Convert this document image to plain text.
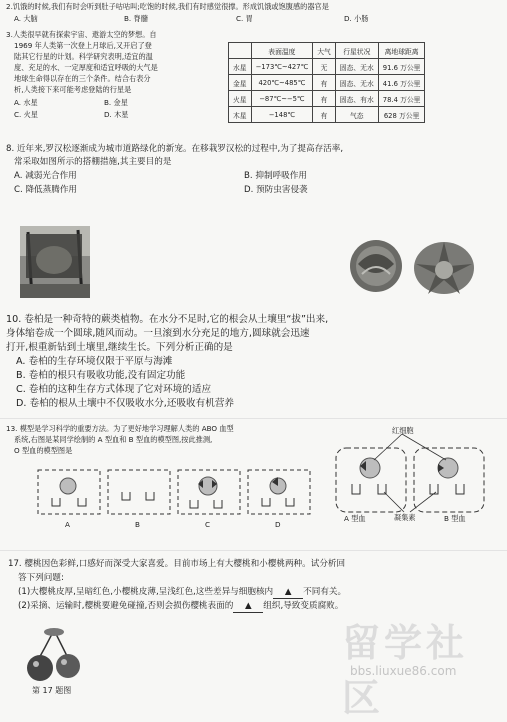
2.饥饿的时候,我们有时会听到肚子咕咕叫;吃饱的时候,我们有时感觉很撑。形成饥饿或饱腹感的器官是
A. 大脑	B. 脊髓	C. 胃	D. 小肠
3.人类很早就有探索宇宙、遨游太空的梦想。自
1969 年人类第一次登上月球后,又开启了登
陆其它行星的计划。科学研究表明,适宜的温
度、充足的水、一定厚度和适宜呼吸的大气是
地球生命得以存在的三个条件。结合右表分
析,人类接下来可能考虑登陆的行星是
A. 水星	B. 金星
C. 火星	D. 木星
	表面温度	大气	行星状况	离地球距离
水星	−173℃~427℃	无	固态、无水	91.6 万公里
金星	420℃~485℃	有	固态、无水	41.6 万公里
火星	−87℃~−5℃	有	固态、有水	78.4 万公里
木星	−148℃	有	气态	628 万公里
8. 近年来,罗汉松逐渐成为城市道路绿化的新宠。在移栽罗汉松的过程中,为了提高存活率,
常采取如图所示的搭棚措施,其主要目的是
A. 减弱光合作用	B. 抑制呼吸作用
C. 降低蒸腾作用	D. 预防虫害侵袭
10. 卷柏是一种奇特的蕨类植物。在水分不足时,它的根会从土壤里“拔”出来,
身体缩卷成一个圆球,随风而动。一旦滚到水分充足的地方,圆球就会迅速
打开,根重新钻到土壤里,继续生长。下列分析正确的是
A. 卷柏的生存环境仅限于平原与海滩
B. 卷柏的根只有吸收功能,没有固定功能
C. 卷柏的这种生存方式体现了它对环境的适应
D. 卷柏的根从土壤中不仅吸收水分,还吸收有机营养
13. 模型是学习科学的重要方法。为了更好地学习理解人类的 ABO 血型
系统,右图是某同学绘制的 A 型血和 B 型血的模型图,按此推测,
O 型血的模型图是
A	B	C	D
红细胞
凝集素
A 型血	B 型血
17. 樱桃因色彩鲜,口感好而深受大家喜爱。目前市场上有大樱桃和小樱桃两种。试分析回
答下列问题:
(1)大樱桃皮厚,呈暗红色,小樱桃皮薄,呈浅红色,这些差异与细胞核内 ▲ 不同有关。
(2)采摘、运输时,樱桃要避免碰撞,否则会损伤樱桃表面的 ▲ 组织,导致变质腐败。
第 17 题图
留学社区
bbs.liuxue86.com
